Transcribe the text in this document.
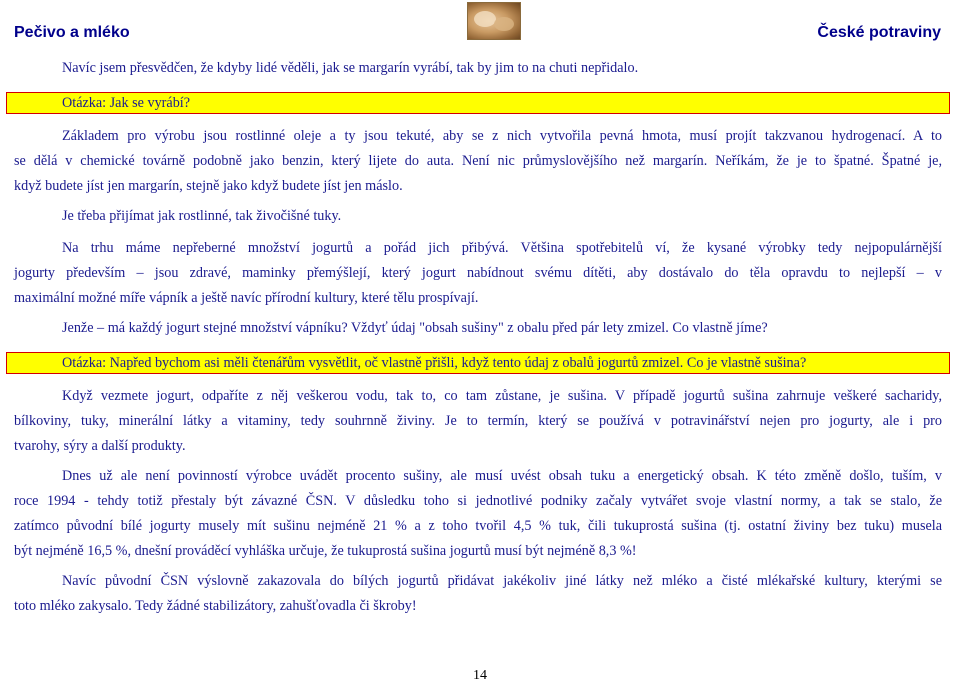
Pečivo a mléko	České potraviny
Navíc jsem přesvědčen, že kdyby lidé věděli, jak se margarín vyrábí, tak by jim to na chuti nepřidalo.
Otázka: Jak se vyrábí?
Základem pro výrobu jsou rostlinné oleje a ty jsou tekuté, aby se z nich vytvořila pevná hmota, musí projít takzvanou hydrogenací. A to
se dělá v chemické továrně podobně jako benzin, který lijete do auta. Není nic průmyslovějšího než margarín. Neříkám, že je to špatné. Špatné je,
když budete jíst jen margarín, stejně jako když budete jíst jen máslo.
Je třeba přijímat jak rostlinné, tak živočišné tuky.
Na trhu máme nepřeberné množství jogurtů a pořád jich přibývá. Většina spotřebitelů ví, že kysané výrobky tedy nejpopulárnější
jogurty především – jsou zdravé, maminky přemýšlejí, který jogurt nabídnout svému dítěti, aby dostávalo do těla opravdu to nejlepší – v
maximální možné míře vápník a ještě navíc přírodní kultury, které tělu prospívají.
Jenže – má každý jogurt stejné množství vápníku? Vždyť údaj "obsah sušiny" z obalu před pár lety zmizel. Co vlastně jíme?
Otázka: Napřed bychom asi měli čtenářům vysvětlit, oč vlastně přišli, když tento údaj z obalů jogurtů zmizel. Co je vlastně sušina?
Když vezmete jogurt, odpaříte z něj veškerou vodu, tak to, co tam zůstane, je sušina. V případě jogurtů sušina zahrnuje veškeré sacharidy,
bílkoviny, tuky, minerální látky a vitaminy, tedy souhrnně živiny. Je to termín, který se používá v potravinářství nejen pro jogurty, ale i pro
tvarohy, sýry a další produkty.
Dnes už ale není povinností výrobce uvádět procento sušiny, ale musí uvést obsah tuku a energetický obsah. K této změně došlo, tuším, v
roce 1994 - tehdy totiž přestaly být závazné ČSN. V důsledku toho si jednotlivé podniky začaly vytvářet svoje vlastní normy, a tak se stalo, že
zatímco původní bílé jogurty musely mít sušinu nejméně 21 % a z toho tvořil 4,5 % tuk, čili tukuprostá sušina (tj. ostatní živiny bez tuku) musela
být nejméně 16,5 %, dnešní prováděcí vyhláška určuje, že tukuprostá sušina jogurtů musí být nejméně 8,3 %!
Navíc původní ČSN výslovně zakazovala do bílých jogurtů přidávat jakékoliv jiné látky než mléko a čisté mlékařské kultury, kterými se
toto mléko zakysalo. Tedy žádné stabilizátory, zahušťovadla či škroby!
14
